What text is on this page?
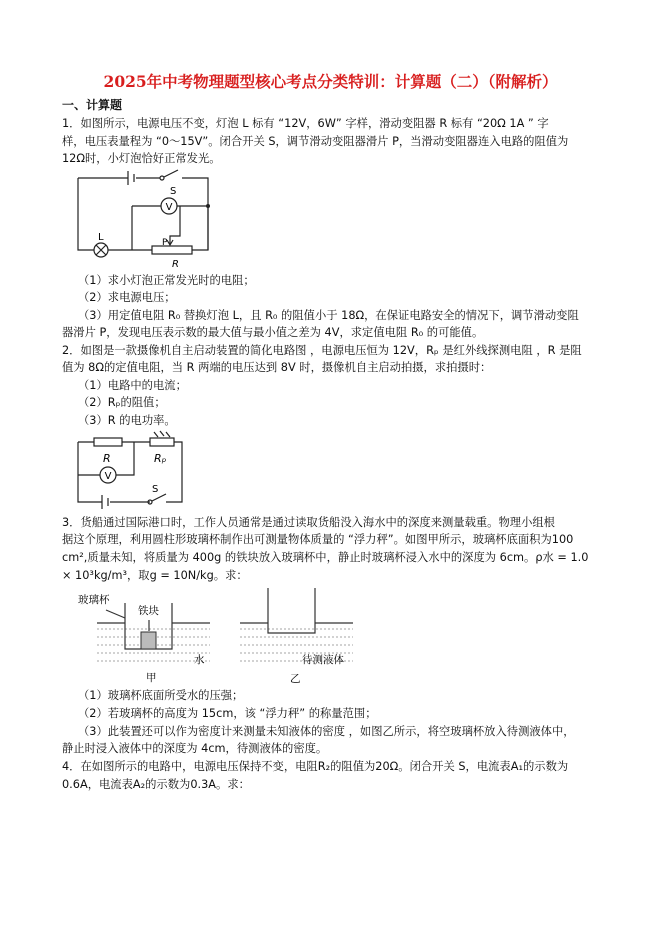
2025年中考物理题型核心考点分类特训：计算题（二）（附解析）
一、计算题
1．如图所示，电源电压不变，灯泡 L 标有 “12V，6W” 字样，滑动变阻器 R 标有 “20Ω 1A ” 字
样，电压表量程为 “0～15V”。闭合开关 S，调节滑动变阻器滑片 P，当滑动变阻器连入电路的阻值为
12Ω时，小灯泡恰好正常发光。
V
S
L	P
R
（1）求小灯泡正常发光时的电阻；
（2）求电源电压；
（3）用定值电阻 R₀ 替换灯泡 L，且 R₀ 的阻值小于 18Ω，在保证电路安全的情况下，调节滑动变阻
器滑片 P，发现电压表示数的最大值与最小值之差为 4V，求定值电阻 R₀ 的可能值。
2．如图是一款摄像机自主启动装置的简化电路图 ，电源电压恒为 12V，Rₚ 是红外线探测电阻 ，R 是阻
值为 8Ω的定值电阻，当 R 两端的电压达到 8V 时，摄像机自主启动拍摄，求拍摄时：
（1）电路中的电流；
（2）Rₚ的阻值；
（3）R 的电功率。
V
R	Rₚ
S
3．货船通过国际港口时，工作人员通常是通过读取货船没入海水中的深度来测量载重。物理小组根
据这个原理，利用圆柱形玻璃杯制作出可测量物体质量的 “浮力秤”。如图甲所示，玻璃杯底面积为100
cm²,质量未知，将质量为 400g 的铁块放入玻璃杯中，静止时玻璃杯浸入水中的深度为 6cm。ρ水 = 1.0
× 10³kg/m³，取g = 10N/kg。求：
玻璃杯
铁块
水
甲
待测液体
乙
（1）玻璃杯底面所受水的压强；
（2）若玻璃杯的高度为 15cm，该 “浮力秤” 的称量范围；
（3）此装置还可以作为密度计来测量未知液体的密度 ，如图乙所示，将空玻璃杯放入待测液体中，
静止时浸入液体中的深度为 4cm，待测液体的密度。
4．在如图所示的电路中，电源电压保持不变，电阻R₂的阻值为20Ω。闭合开关 S，电流表A₁的示数为
0.6A，电流表A₂的示数为0.3A。求：
